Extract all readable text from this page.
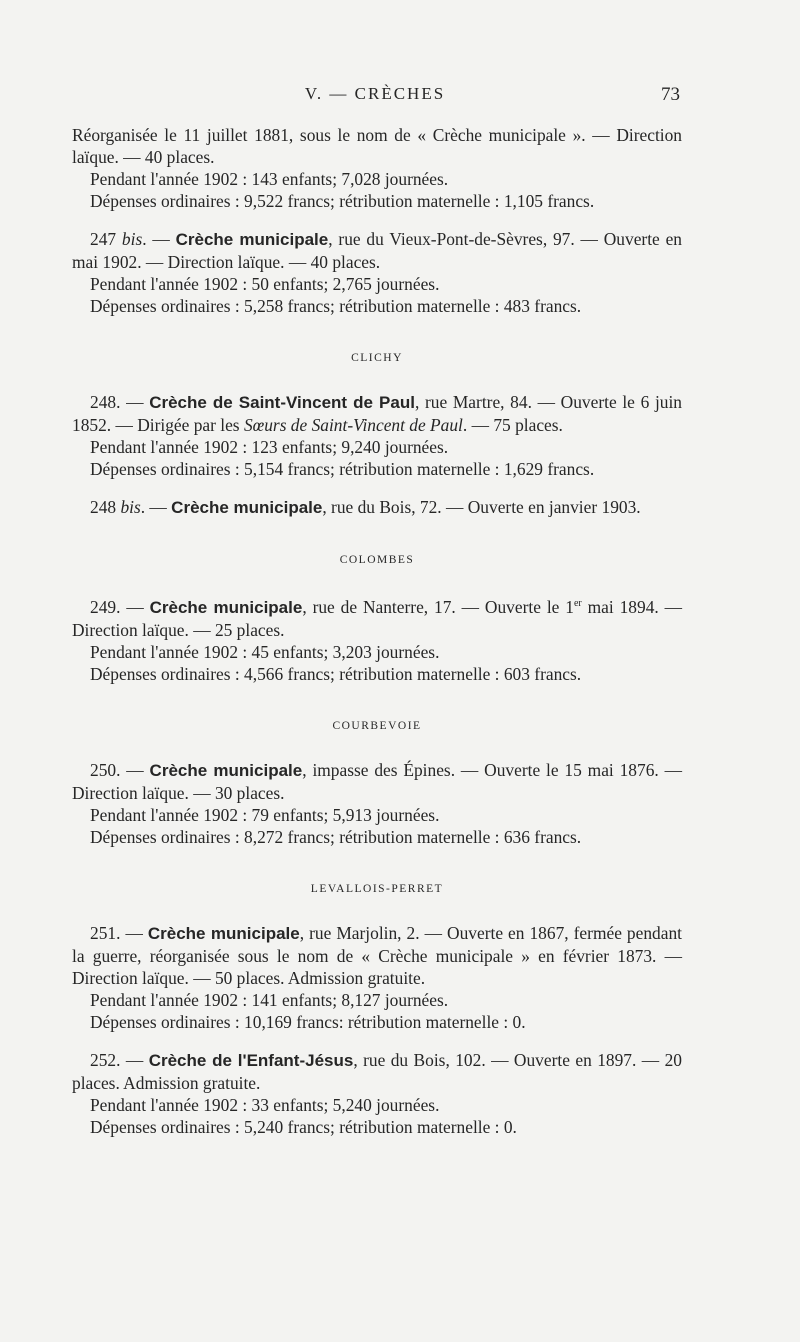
V. — CRÈCHES	73

Réorganisée le 11 juillet 1881, sous le nom de « Crèche municipale ». — Direction laïque. — 40 places.

Pendant l'année 1902 : 143 enfants; 7,028 journées.

Dépenses ordinaires : 9,522 francs; rétribution maternelle : 1,105 francs.

247 bis. — Crèche municipale, rue du Vieux-Pont-de-Sèvres, 97. — Ouverte en mai 1902. — Direction laïque. — 40 places.

Pendant l'année 1902 : 50 enfants; 2,765 journées.

Dépenses ordinaires : 5,258 francs; rétribution maternelle : 483 francs.

CLICHY

248. — Crèche de Saint-Vincent de Paul, rue Martre, 84. — Ouverte le 6 juin 1852. — Dirigée par les Sœurs de Saint-Vincent de Paul. — 75 places.

Pendant l'année 1902 : 123 enfants; 9,240 journées.

Dépenses ordinaires : 5,154 francs; rétribution maternelle : 1,629 francs.

248 bis. — Crèche municipale, rue du Bois, 72. — Ouverte en janvier 1903.

COLOMBES

249. — Crèche municipale, rue de Nanterre, 17. — Ouverte le 1er mai 1894. — Direction laïque. — 25 places.

Pendant l'année 1902 : 45 enfants; 3,203 journées.

Dépenses ordinaires : 4,566 francs; rétribution maternelle : 603 francs.

COURBEVOIE

250. — Crèche municipale, impasse des Épines. — Ouverte le 15 mai 1876. — Direction laïque. — 30 places.

Pendant l'année 1902 : 79 enfants; 5,913 journées.

Dépenses ordinaires : 8,272 francs; rétribution maternelle : 636 francs.

LEVALLOIS-PERRET

251. — Crèche municipale, rue Marjolin, 2. — Ouverte en 1867, fermée pendant la guerre, réorganisée sous le nom de « Crèche municipale » en février 1873. — Direction laïque. — 50 places. Admission gratuite.

Pendant l'année 1902 : 141 enfants; 8,127 journées.

Dépenses ordinaires : 10,169 francs: rétribution maternelle : 0.

252. — Crèche de l'Enfant-Jésus, rue du Bois, 102. — Ouverte en 1897. — 20 places. Admission gratuite.

Pendant l'année 1902 : 33 enfants; 5,240 journées.

Dépenses ordinaires : 5,240 francs; rétribution maternelle : 0.
